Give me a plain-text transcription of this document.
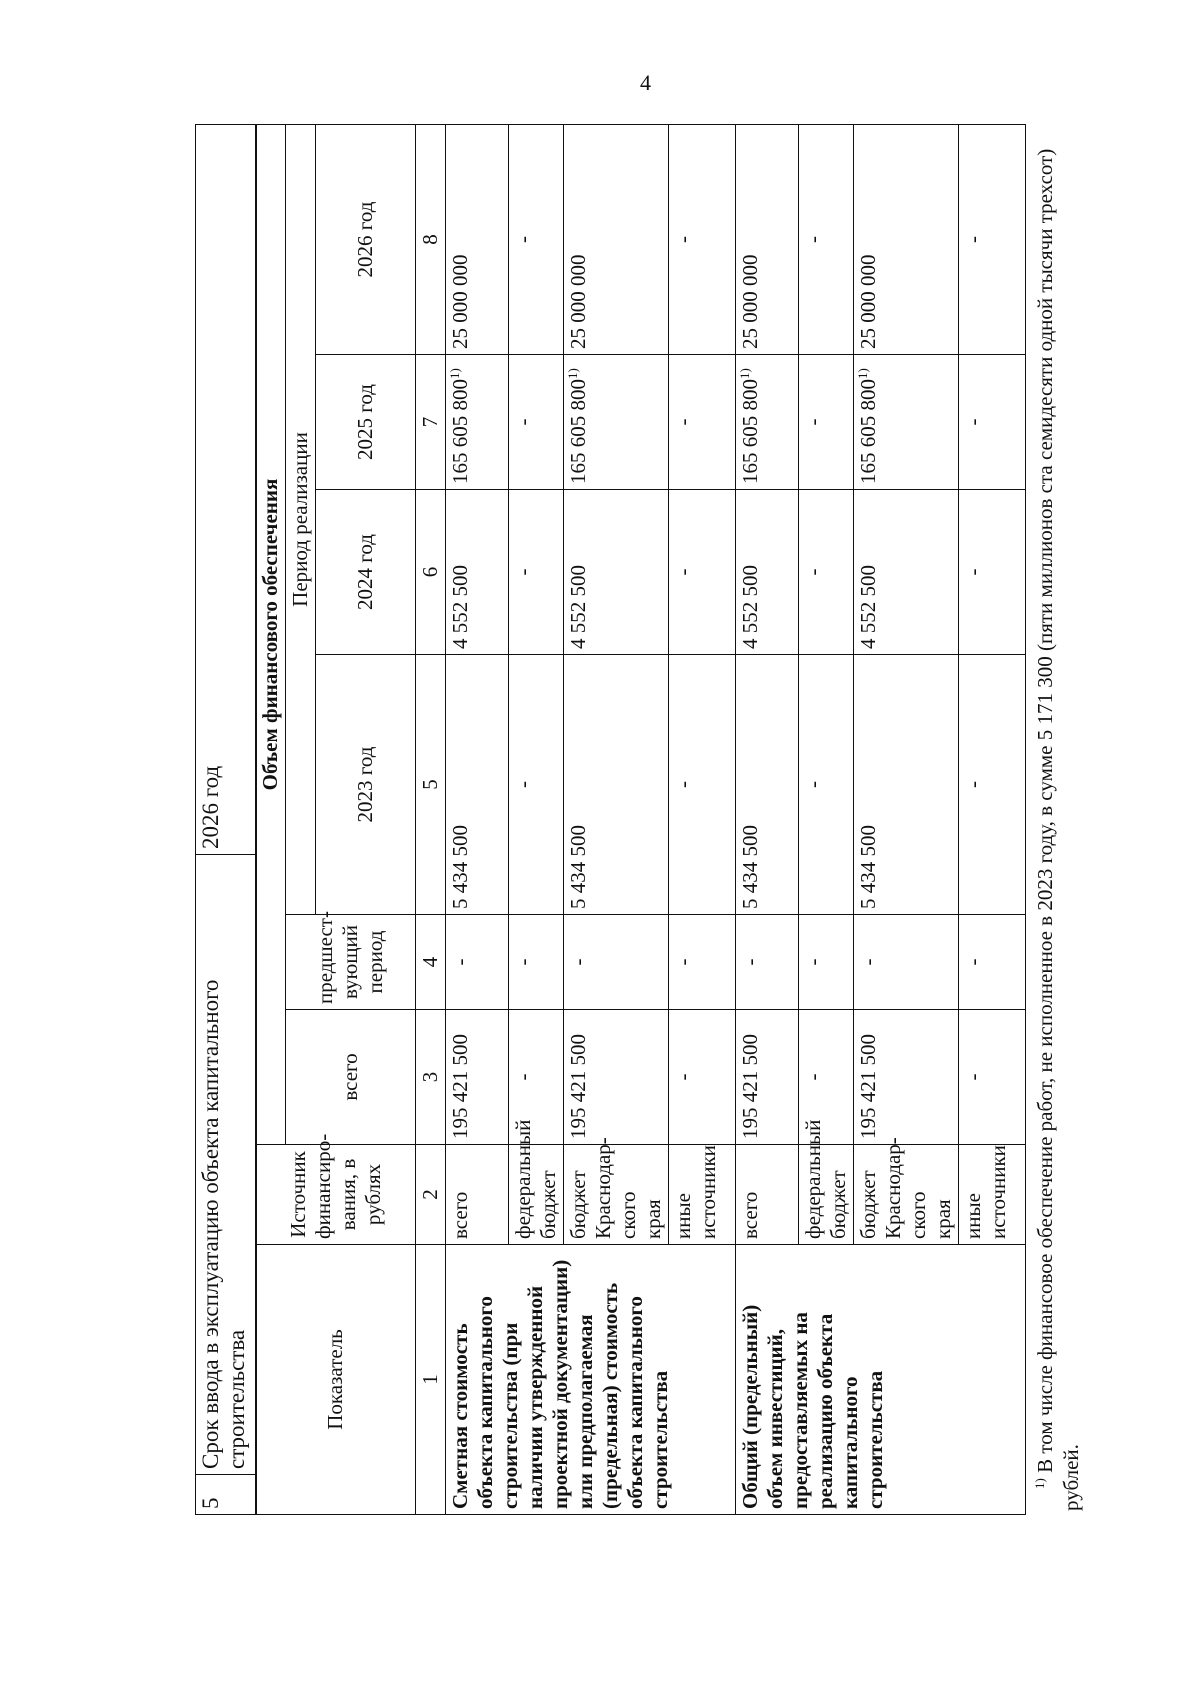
4
5	Срок ввода в эксплуатацию объекта капитального строительства	2026 год
Показатель	Источник финансиро-вания, в рублях	Объем финансового обеспечения					
		всего	предшест-вующий период	Период реализации			
				2023 год	2024 год	2025 год	2026 год
1	2	3	4	5	6	7	8
Сметная стоимость объекта капитального строительства (при наличии утвержденной проектной документации) или предполагаемая (предельная) стоимость объекта капитального строительства	всего	195 421 500	-	5 434 500	4 552 500	165 605 800$^{1)}$	25 000 000
	федеральный бюджет	-	-	-	-	-	-
	бюджет Краснодар-ского края	195 421 500	-	5 434 500	4 552 500	165 605 800$^{1)}$	25 000 000
	иные источники	-	-	-	-	-	-
Общий (предельный) объем инвестиций, предоставляемых на реализацию объекта капитального строительства	всего	195 421 500	-	5 434 500	4 552 500	165 605 800$^{1)}$	25 000 000
	федеральный бюджет	-	-	-	-	-	-
	бюджет Краснодар-ского края	195 421 500	-	5 434 500	4 552 500	165 605 800$^{1)}$	25 000 000
	иные источники	-	-	-	-	-	-
$^{1)}$ В том числе финансовое обеспечение работ, не исполненное в 2023 году, в сумме 5 171 300 (пяти миллионов ста семидесяти одной тысячи трехсот) рублей.
